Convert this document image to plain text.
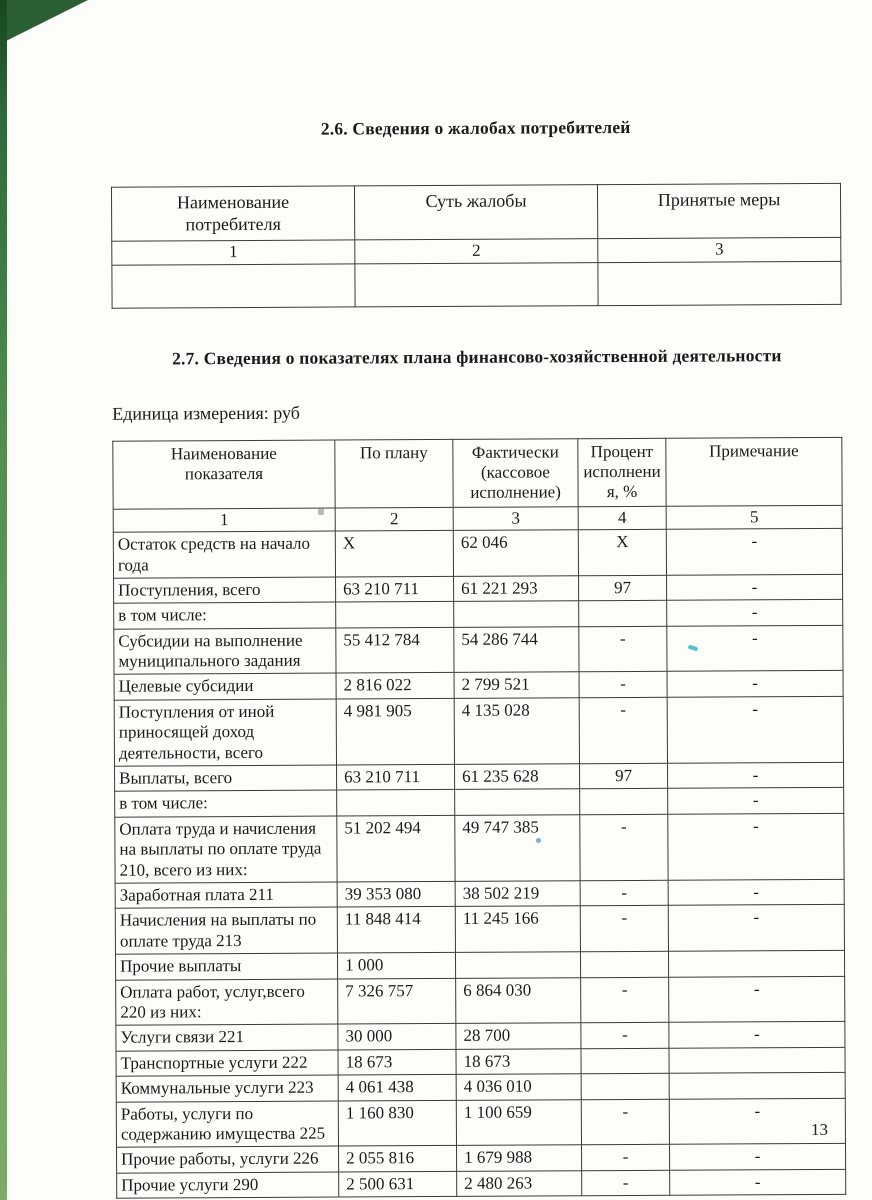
2.6. Сведения о жалобах потребителей
Наименование потребителя	Суть жалобы	Принятые меры
1	2	3

2.7. Сведения о показателях плана финансово-хозяйственной деятельности

Единица измерения: руб

Наименование показателя	По плану	Фактически (кассовое исполнение)	Процент исполнения, %	Примечание
1	2	3	4	5
Остаток средств на начало года	X	62 046	X	-
Поступления, всего	63 210 711	61 221 293	97	-
в том числе:				-
Субсидии на выполнение муниципального задания	55 412 784	54 286 744	-	-
Целевые субсидии	2 816 022	2 799 521	-	-
Поступления от иной приносящей доход деятельности, всего	4 981 905	4 135 028	-	-
Выплаты, всего	63 210 711	61 235 628	97	-
в том числе:				-
Оплата труда и начисления на выплаты по оплате труда 210, всего из них:	51 202 494	49 747 385	-	-
Заработная плата 211	39 353 080	38 502 219	-	-
Начисления на выплаты по оплате труда 213	11 848 414	11 245 166	-	-
Прочие выплаты	1 000			
Оплата работ, услуг,всего 220 из них:	7 326 757	6 864 030	-	-
Услуги связи 221	30 000	28 700	-	-
Транспортные услуги 222	18 673	18 673		
Коммунальные услуги 223	4 061 438	4 036 010		
Работы, услуги по содержанию имущества 225	1 160 830	1 100 659	-	-
Прочие работы, услуги 226	2 055 816	1 679 988	-	-
Прочие услуги 290	2 500 631	2 480 263	-	-
13
